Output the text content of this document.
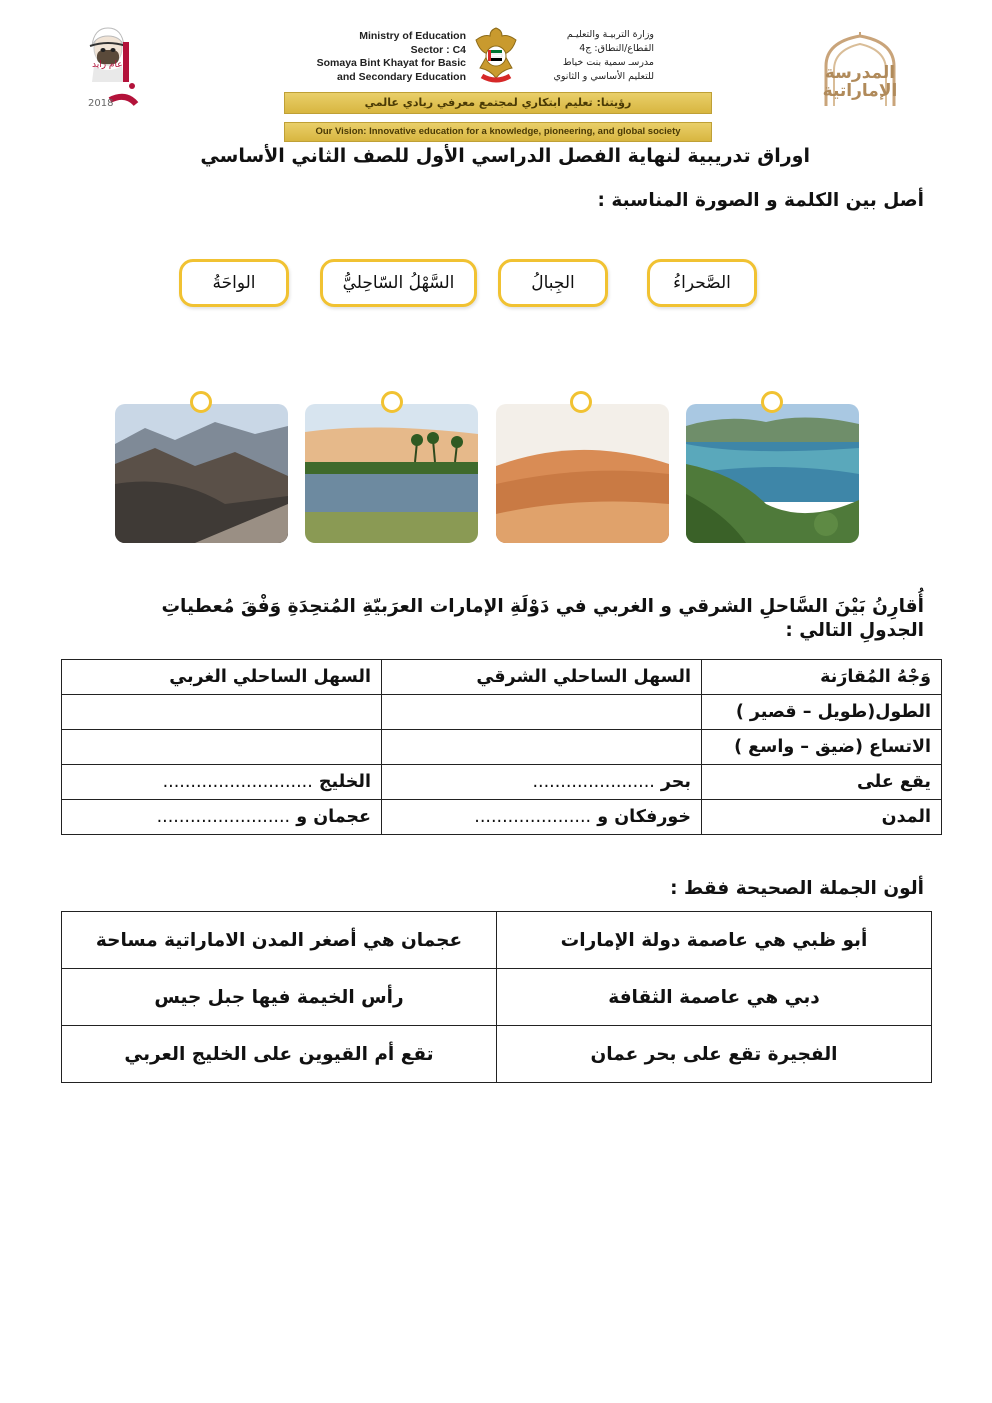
عام زايد
2018
Ministry of Education
Sector : C4
Somaya Bint Khayat for Basic
and Secondary Education
وزارة التربيـة والتعليـم
القطاع/النطاق: ج4
مدرسـ سمية بنت خياط
للتعليم الأساسي و الثانوي
رؤيتنا: تعليم ابتكاري لمجتمع معرفي ريادي عالمي
Our Vision: Innovative education for a knowledge, pioneering, and global society
المدرسة
الإماراتية
اوراق تدريبية لنهاية الفصل الدراسي الأول للصف الثاني الأساسي
أصل بين الكلمة و الصورة المناسبة :
الصَّحراءُ
الجِبالُ
السَّهْلُ السّاحِليُّ
الواحَةُ
أُقارِنُ بَيْنَ السَّاحلِ الشرقي و الغربي في دَوْلَةِ الإمارات العرَبيّةِ المُتحِدَةِ وَفْقَ مُعطياتِ
الجدولِ التالي :
وَجْهُ المُقارَنة	السهل الساحلي الشرقي	السهل الساحلي الغربي
الطول(طويل – قصير )		
الاتساع (ضيق – واسع )		
يقع على	بحر ......................	الخليج ...........................
المدن	خورفكان و .....................	عجمان و ........................
ألون الجملة الصحيحة فقط :
أبو ظبي هي عاصمة دولة الإمارات	عجمان هي أصغر المدن الاماراتية مساحة
دبي هي عاصمة الثقافة	رأس الخيمة فيها جبل جيس
الفجيرة تقع على بحر عمان	تقع أم القيوين على الخليج العربي
